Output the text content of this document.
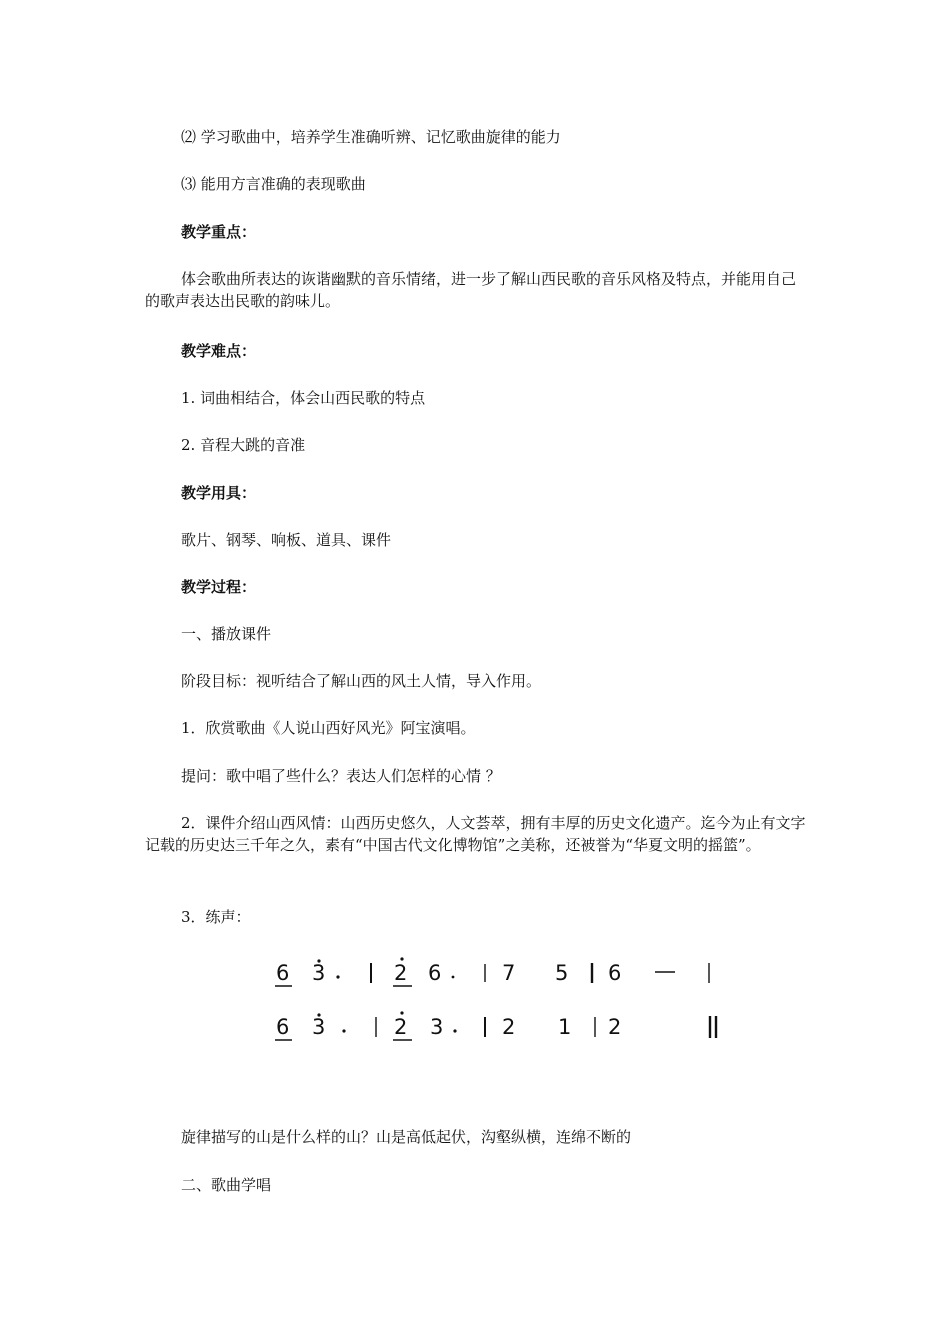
⑵ 学习歌曲中，培养学生准确听辨、记忆歌曲旋律的能力

⑶ 能用方言准确的表现歌曲

教学重点：

体会歌曲所表达的诙谐幽默的音乐情绪，进一步了解山西民歌的音乐风格及特点，并能用自己的歌声表达出民歌的韵味儿。

教学难点：

1. 词曲相结合，体会山西民歌的特点

2. 音程大跳的音准

教学用具：

歌片、钢琴、响板、道具、课件

教学过程：

一、播放课件

阶段目标：视听结合了解山西的风土人情，导入作用。

1．欣赏歌曲《人说山西好风光》阿宝演唱。

提问：歌中唱了些什么？表达人们怎样的心情 ？

2．课件介绍山西风情：山西历史悠久，人文荟萃，拥有丰厚的历史文化遗产。迄今为止有文字记载的历史达三千年之久，素有“中国古代文化博物馆”之美称，还被誉为“华夏文明的摇篮”。

3．练声：

6 3	2 6	7 5 6
6 3	2 3	2 1 2

旋律描写的山是什么样的山？山是高低起伏，沟壑纵横，连绵不断的

二、歌曲学唱
